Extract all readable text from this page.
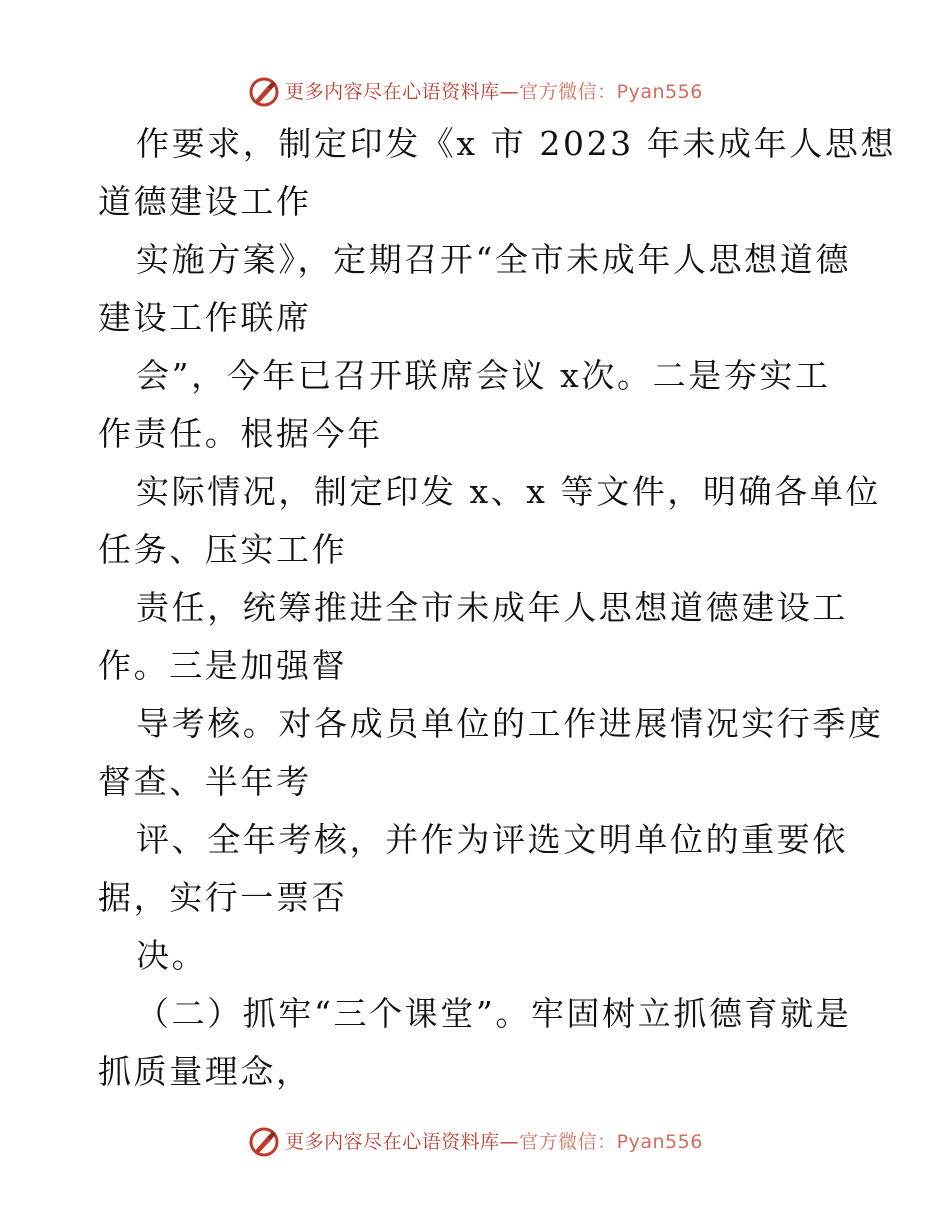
更多内容尽在心语资料库—官方微信：Pyan556
作要求，制定印发《x 市 2023 年未成年人思想
道德建设工作
实施方案》，定期召开“全市未成年人思想道德
建设工作联席
会”，今年已召开联席会议 x次。二是夯实工
作责任。根据今年
实际情况，制定印发 x、x 等文件，明确各单位
任务、压实工作
责任，统筹推进全市未成年人思想道德建设工
作。三是加强督
导考核。对各成员单位的工作进展情况实行季度
督查、半年考
评、全年考核，并作为评选文明单位的重要依
据，实行一票否
决。
（二）抓牢“三个课堂”。牢固树立抓德育就是
抓质量理念，
更多内容尽在心语资料库—官方微信：Pyan556
